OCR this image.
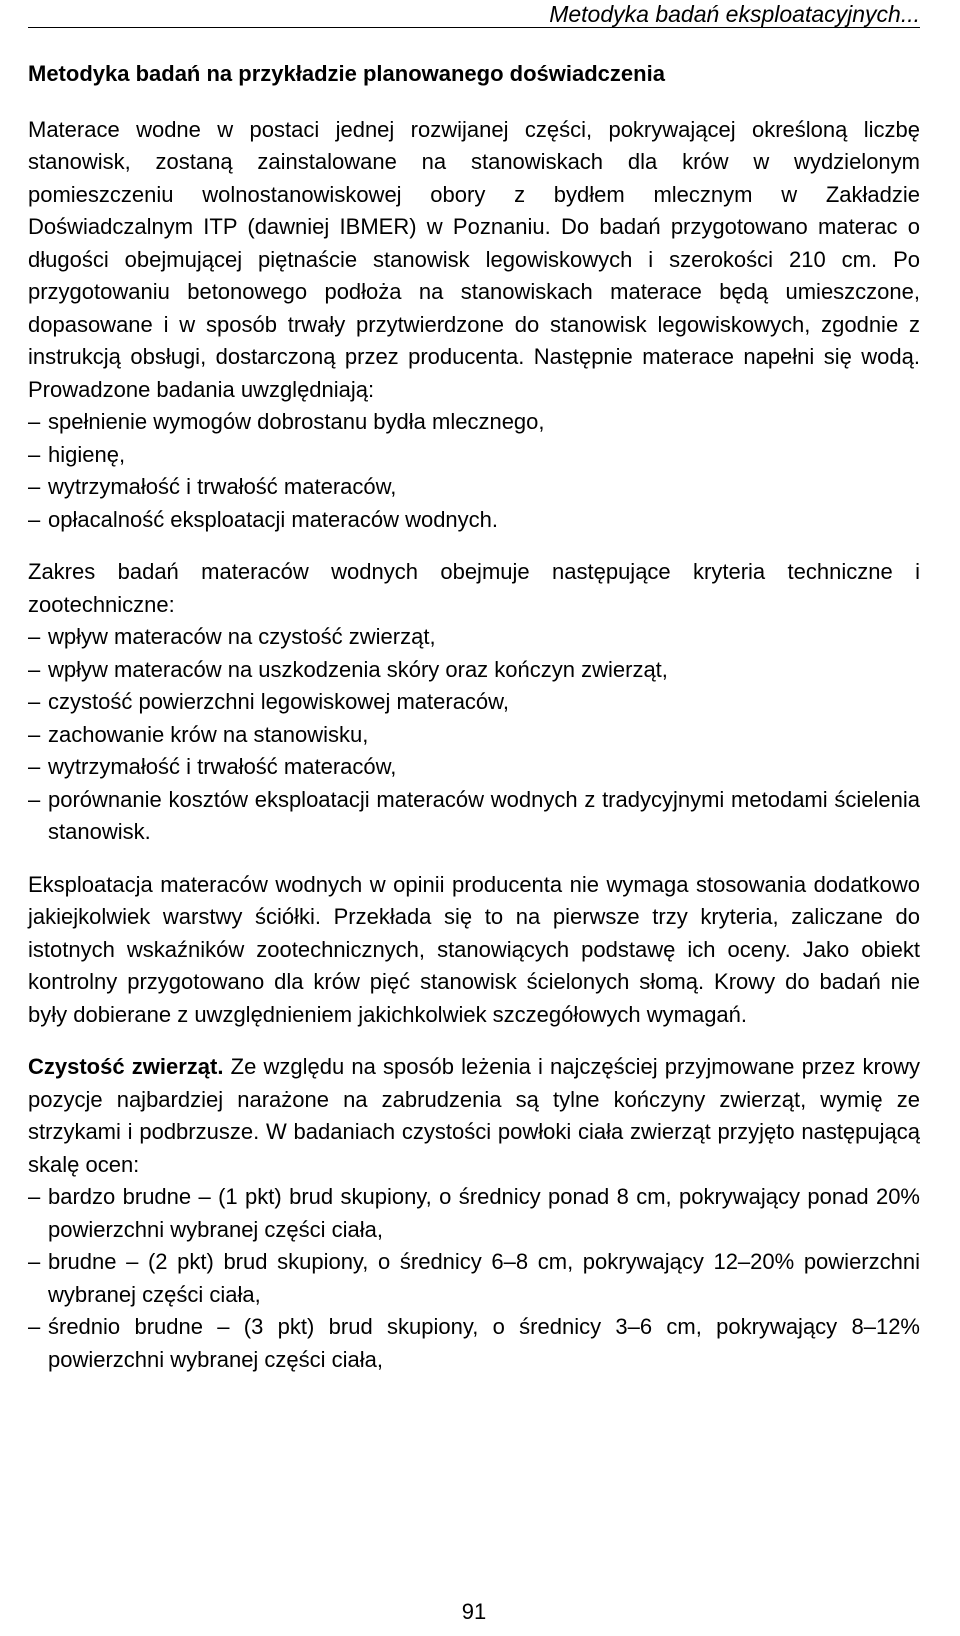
Metodyka badań eksploatacyjnych...
Metodyka badań na przykładzie planowanego doświadczenia

Materace wodne w postaci jednej rozwijanej części, pokrywającej określoną liczbę stanowisk, zostaną zainstalowane na stanowiskach dla krów w wydzielonym pomieszczeniu wolnostanowiskowej obory z bydłem mlecznym w Zakładzie Doświadczalnym ITP (dawniej IBMER) w Poznaniu. Do badań przygotowano materac o długości obejmującej piętnaście stanowisk legowiskowych i szerokości 210 cm. Po przygotowaniu betonowego podłoża na stanowiskach materace będą umieszczone, dopasowane i w sposób trwały przytwierdzone do stanowisk legowiskowych, zgodnie z instrukcją obsługi, dostarczoną przez producenta. Następnie materace napełni się wodą. Prowadzone badania uwzględniają:

– spełnienie wymogów dobrostanu bydła mlecznego,
– higienę,
– wytrzymałość i trwałość materaców,
– opłacalność eksploatacji materaców wodnych.

Zakres badań materaców wodnych obejmuje następujące kryteria techniczne i zootechniczne:

– wpływ materaców na czystość zwierząt,
– wpływ materaców na uszkodzenia skóry oraz kończyn zwierząt,
– czystość powierzchni legowiskowej materaców,
– zachowanie krów na stanowisku,
– wytrzymałość i trwałość materaców,
– porównanie kosztów eksploatacji materaców wodnych z tradycyjnymi metodami ścielenia stanowisk.

Eksploatacja materaców wodnych w opinii producenta nie wymaga stosowania dodatkowo jakiejkolwiek warstwy ściółki. Przekłada się to na pierwsze trzy kryteria, zaliczane do istotnych wskaźników zootechnicznych, stanowiących podstawę ich oceny. Jako obiekt kontrolny przygotowano dla krów pięć stanowisk ścielonych słomą. Krowy do badań nie były dobierane z uwzględnieniem jakichkolwiek szczegółowych wymagań.

Czystość zwierząt. Ze względu na sposób leżenia i najczęściej przyjmowane przez krowy pozycje najbardziej narażone na zabrudzenia są tylne kończyny zwierząt, wymię ze strzykami i podbrzusze. W badaniach czystości powłoki ciała zwierząt przyjęto następującą skalę ocen:

– bardzo brudne – (1 pkt) brud skupiony, o średnicy ponad 8 cm, pokrywający ponad 20% powierzchni wybranej części ciała,
– brudne – (2 pkt) brud skupiony, o średnicy 6–8 cm, pokrywający 12–20% powierzchni wybranej części ciała,
– średnio brudne – (3 pkt) brud skupiony, o średnicy 3–6 cm, pokrywający 8–12% powierzchni wybranej części ciała,
91
